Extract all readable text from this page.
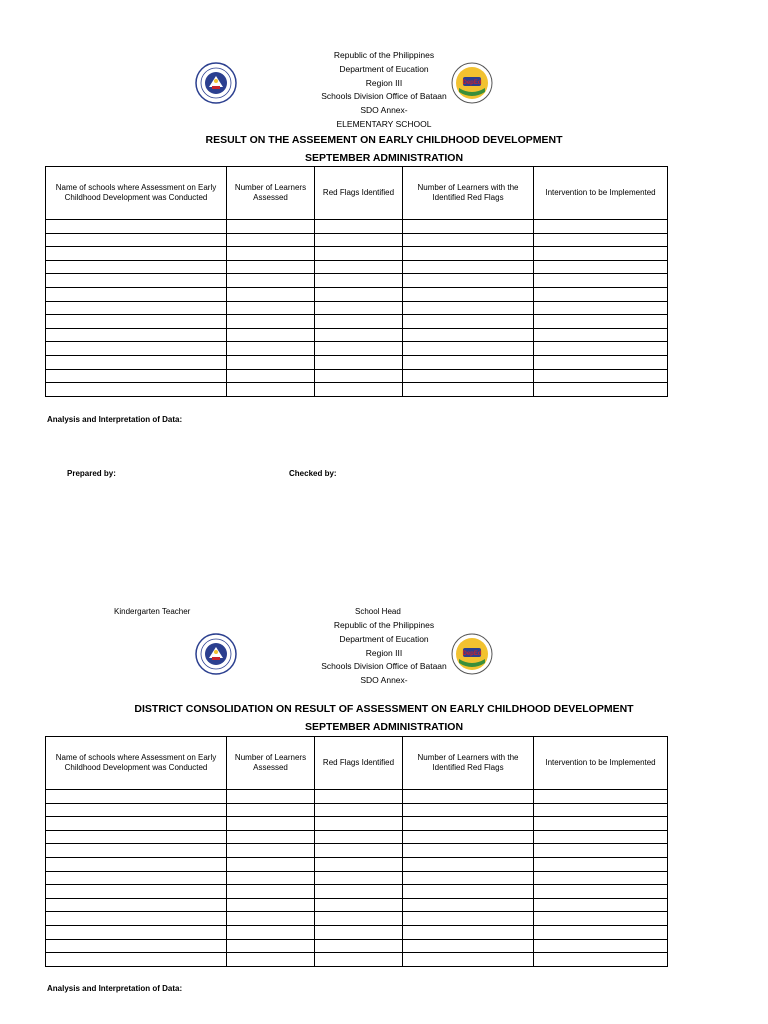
DepEd
Republic of the Philippines
Department of Eucation
Region III
Schools Division Office of Bataan
SDO Annex-
ELEMENTARY SCHOOL
RESULT ON THE ASSEEMENT ON EARLY CHILDHOOD DEVELOPMENT
SEPTEMBER ADMINISTRATION
Name of schools where Assessment on Early Childhood Development was Conducted	Number of Learners Assessed	Red Flags Identified	Number of Learners with the Identified Red Flags	Intervention to be Implemented

Analysis and Interpretation of Data:
Prepared by:	Checked by:
Kindergarten Teacher	School Head
DepEd
Republic of the Philippines
Department of Eucation
Region III
Schools Division Office of Bataan
SDO Annex-
DISTRICT CONSOLIDATION ON RESULT OF ASSESSMENT ON EARLY CHILDHOOD DEVELOPMENT
SEPTEMBER ADMINISTRATION
Name of schools where Assessment on Early Childhood Development was Conducted	Number of Learners Assessed	Red Flags Identified	Number of Learners with the Identified Red Flags	Intervention to be Implemented

Analysis and Interpretation of Data:
